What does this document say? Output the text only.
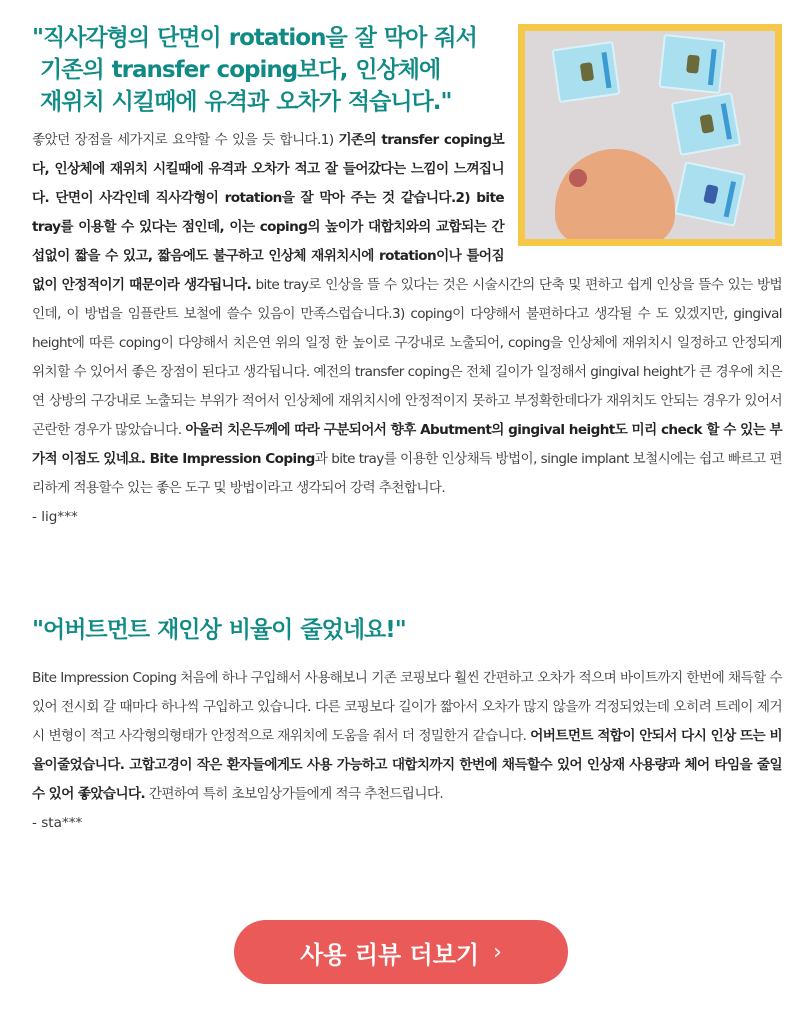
"직사각형의 단면이 rotation을 잘 막아 줘서
기존의 transfer coping보다, 인상체에
재위치 시킬때에 유격과 오차가 적습니다."

좋았던 장점을 세가지로 요약할 수 있을 듯 합니다.1) 기존의 transfer coping보다, 인상체에 재위치 시킬때에 유격과 오차가 적고 잘 들어갔다는 느낌이 느껴집니다. 단면이 사각인데 직사각형이 rotation을 잘 막아 주는 것 같습니다.2) bite tray를 이용할 수 있다는 점인데, 이는 coping의 높이가 대합치와의 교합되는 간섭없이 짧을 수 있고, 짧음에도 불구하고 인상체 재위치시에 rotation이나 틀어짐없이 안정적이기 때문이라 생각됩니다. bite tray로 인상을 뜰 수 있다는 것은 시술시간의 단축 및 편하고 쉽게 인상을 뜰수 있는 방법인데, 이 방법을 임플란트 보철에 쓸수 있음이 만족스럽습니다.3) coping이 다양해서 불편하다고 생각될 수 도 있겠지만, gingival height에 따른 coping이 다양해서 치은연 위의 일정 한 높이로 구강내로 노출되어, coping을 인상체에 재위치시 일정하고 안정되게 위치할 수 있어서 좋은 장점이 된다고 생각됩니다. 예전의 transfer coping은 전체 길이가 일정해서 gingival height가 큰 경우에 치은연 상방의 구강내로 노출되는 부위가 적어서 인상체에 재위치시에 안정적이지 못하고 부정확한데다가 재위치도 안되는 경우가 있어서 곤란한 경우가 많았습니다. 아울러 치은두께에 따라 구분되어서 향후 Abutment의 gingival height도 미리 check 할 수 있는 부가적 이점도 있네요. Bite Impression Coping과 bite tray를 이용한 인상채득 방법이, single implant 보철시에는 쉽고 빠르고 편리하게 적용할수 있는 좋은 도구 및 방법이라고 생각되어 강력 추천합니다.

- lig***

"어버트먼트 재인상 비율이 줄었네요!"

Bite Impression Coping 처음에 하나 구입해서 사용해보니 기존 코핑보다 훨씬 간편하고 오차가 적으며 바이트까지 한번에 채득할 수 있어 전시회 갈 때마다 하나씩 구입하고 있습니다. 다른 코핑보다 길이가 짧아서 오차가 많지 않을까 걱정되었는데 오히려 트레이 제거시 변형이 적고 사각형의형태가 안정적으로 재위치에 도움을 줘서 더 정밀한거 같습니다. 어버트먼트 적합이 안되서 다시 인상 뜨는 비율이줄었습니다. 고합고경이 작은 환자들에게도 사용 가능하고 대합치까지 한번에 채득할수 있어 인상재 사용량과 체어 타임을 줄일수 있어 좋았습니다. 간편하여 특히 초보임상가들에게 적극 추천드립니다.

- sta***

사용 리뷰 더보기 ›
